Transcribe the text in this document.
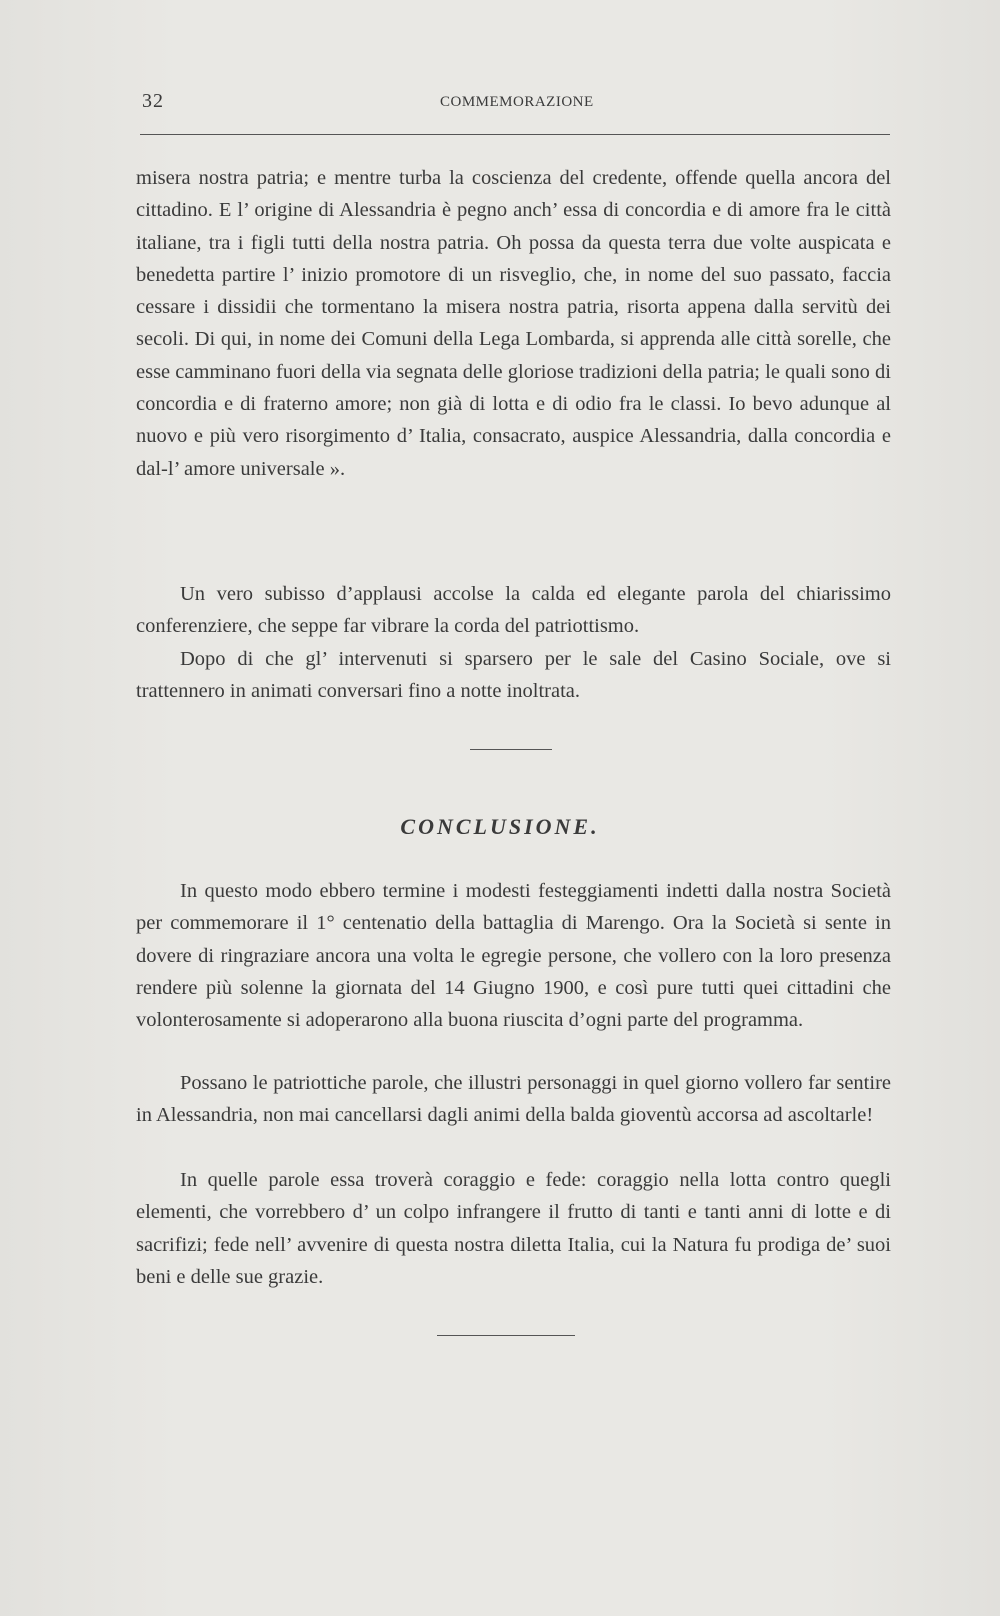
32	COMMEMORAZIONE

misera nostra patria; e mentre turba la coscienza del credente, offende quella ancora del cittadino. E l’ origine di Alessandria è pegno anch’ essa di concordia e di amore fra le città italiane, tra i figli tutti della nostra patria. Oh possa da questa terra due volte auspicata e benedetta partire l’ inizio promotore di un risveglio, che, in nome del suo passato, faccia cessare i dissidii che tormentano la misera nostra patria, risorta appena dalla servitù dei secoli. Di qui, in nome dei Comuni della Lega Lombarda, si apprenda alle città sorelle, che esse camminano fuori della via segnata delle gloriose tradizioni della patria; le quali sono di concordia e di fraterno amore; non già di lotta e di odio fra le classi. Io bevo adunque al nuovo e più vero risorgimento d’ Italia, consacrato, auspice Alessandria, dalla concordia e dal-l’ amore universale ».

Un vero subisso d’applausi accolse la calda ed elegante parola del chiarissimo conferenziere, che seppe far vibrare la corda del patriottismo.

Dopo di che gl’ intervenuti si sparsero per le sale del Casino Sociale, ove si trattennero in animati conversari fino a notte inoltrata.

CONCLUSIONE.

In questo modo ebbero termine i modesti festeggiamenti indetti dalla nostra Società per commemorare il 1° centenatio della battaglia di Marengo. Ora la Società si sente in dovere di ringraziare ancora una volta le egregie persone, che vollero con la loro presenza rendere più solenne la giornata del 14 Giugno 1900, e così pure tutti quei cittadini che volonterosamente si adoperarono alla buona riuscita d’ogni parte del programma.

Possano le patriottiche parole, che illustri personaggi in quel giorno vollero far sentire in Alessandria, non mai cancellarsi dagli animi della balda gioventù accorsa ad ascoltarle!

In quelle parole essa troverà coraggio e fede: coraggio nella lotta contro quegli elementi, che vorrebbero d’ un colpo infrangere il frutto di tanti e tanti anni di lotte e di sacrifizi; fede nell’ avvenire di questa nostra diletta Italia, cui la Natura fu prodiga de’ suoi beni e delle sue grazie.
